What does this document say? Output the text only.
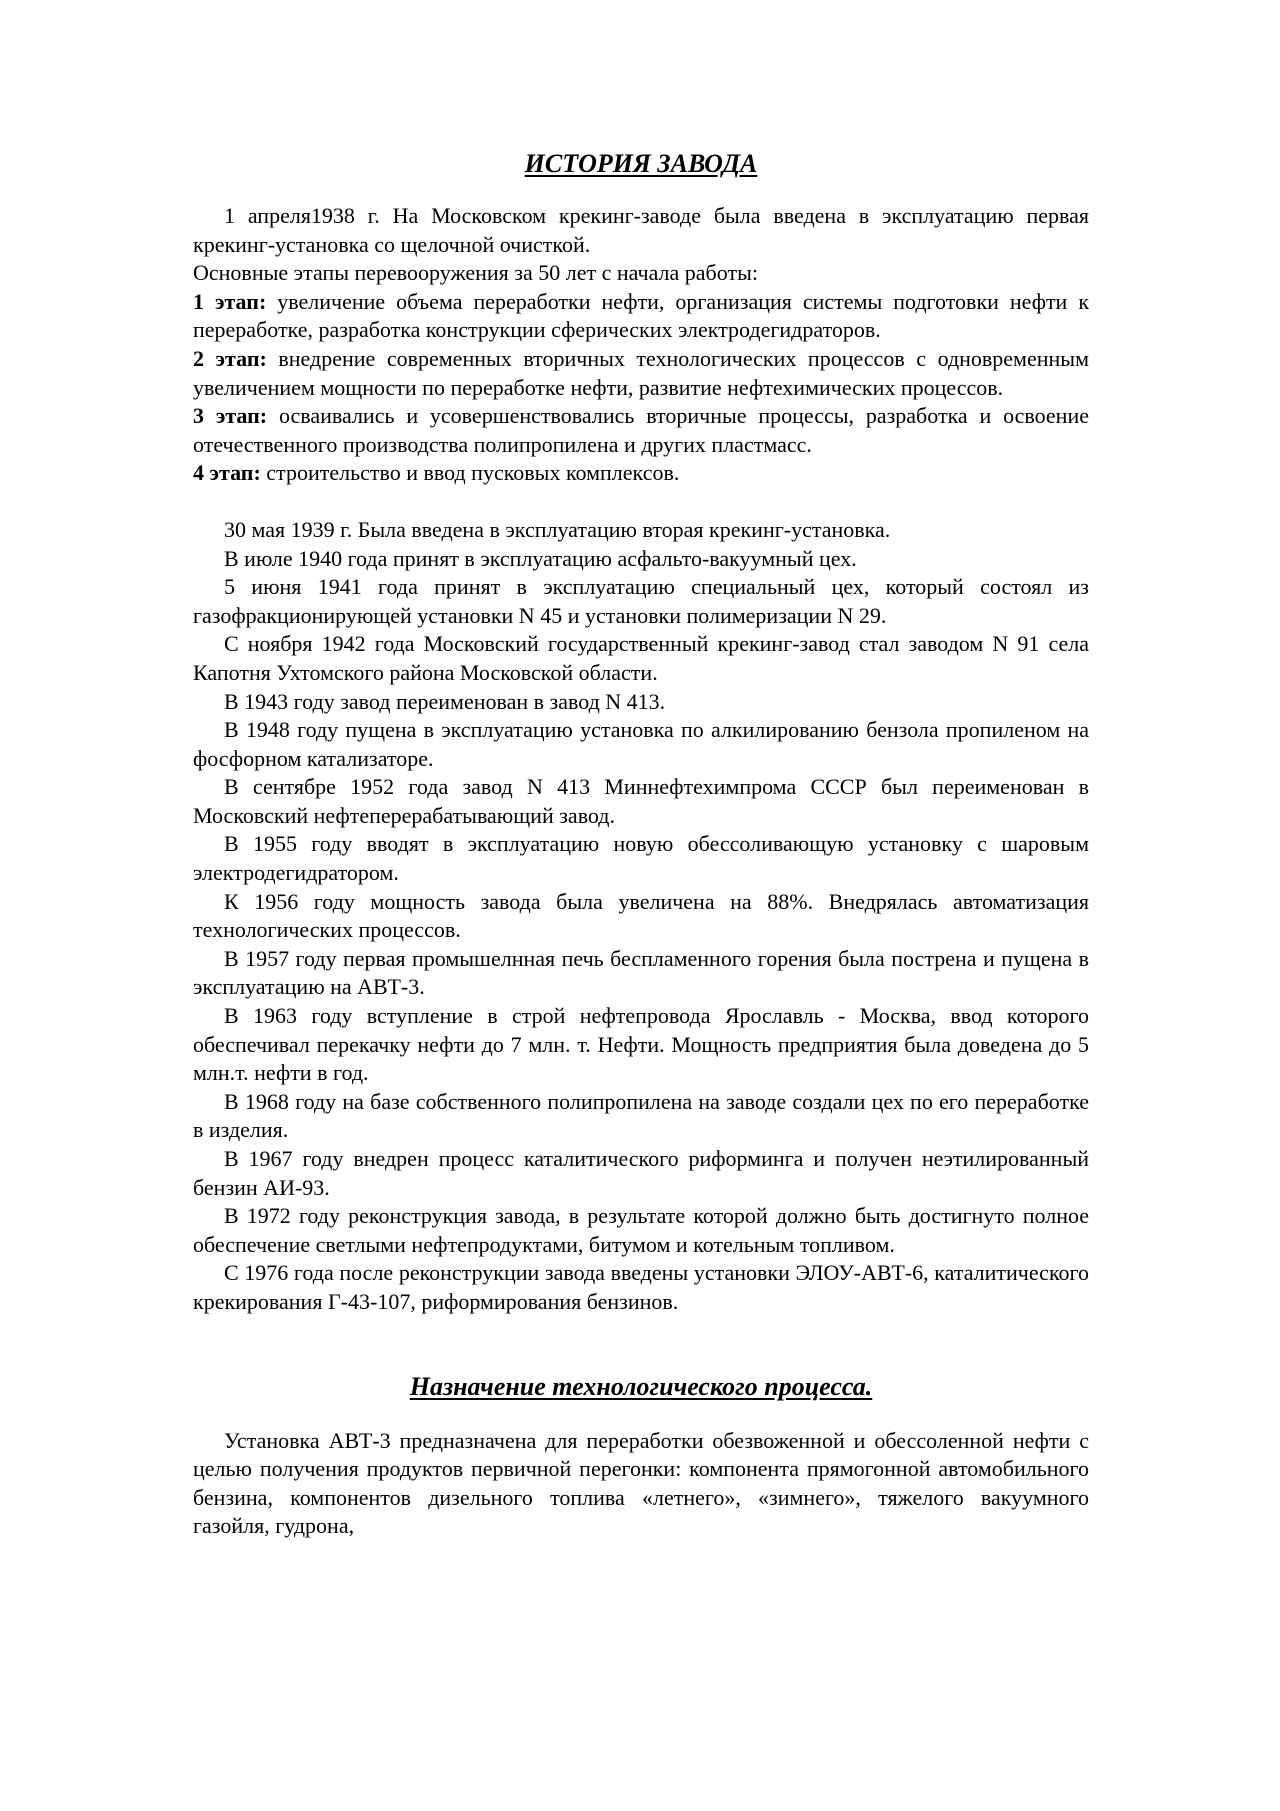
ИСТОРИЯ ЗАВОДА

1 апреля1938 г. На Московском крекинг-заводе была введена в эксплуатацию первая крекинг-установка со щелочной очисткой.

Основные этапы перевооружения за 50 лет с начала работы:

1 этап: увеличение объема переработки нефти, организация системы подготовки нефти к переработке, разработка конструкции сферических электродегидраторов.

2 этап: внедрение современных вторичных технологических процессов с одновременным увеличением мощности по переработке нефти, развитие нефтехимических процессов.

3 этап: осваивались и усовершенствовались вторичные процессы, разработка и освоение отечественного производства полипропилена и других пластмасс.

4 этап: строительство и ввод пусковых комплексов.

30 мая 1939 г. Была введена в эксплуатацию вторая крекинг-установка.

В июле 1940 года принят в эксплуатацию асфальто-вакуумный цех.

5 июня 1941 года принят в эксплуатацию специальный цех, который состоял из газофракционирующей установки N 45 и установки полимеризации N 29.

С ноября 1942 года Московский государственный крекинг-завод стал заводом N 91 села Капотня Ухтомского района Московской области.

В 1943 году завод переименован в завод N 413.

В 1948 году пущена в эксплуатацию установка по алкилированию бензола пропиленом на фосфорном катализаторе.

В сентябре 1952 года завод N 413 Миннефтехимпрома СССР был переименован в Московский нефтеперерабатывающий завод.

В 1955 году вводят в эксплуатацию новую обессоливающую установку с шаровым электродегидратором.

К 1956 году мощность завода была увеличена на 88%. Внедрялась автоматизация технологических процессов.

В 1957 году первая промышелнная печь беспламенного горения была пострена и пущена в эксплуатацию на АВТ-3.

В 1963 году вступление в строй нефтепровода Ярославль - Москва, ввод которого обеспечивал перекачку нефти до 7 млн. т. Нефти. Мощность предприятия была доведена до 5 млн.т. нефти в год.

В 1968 году на базе собственного полипропилена на заводе создали цех по его переработке в изделия.

В 1967 году внедрен процесс каталитического риформинга и получен неэтилированный бензин АИ-93.

В 1972 году реконструкция завода, в результате которой должно быть достигнуто полное обеспечение светлыми нефтепродуктами, битумом и котельным топливом.

С 1976 года после реконструкции завода введены установки ЭЛОУ-АВТ-6, каталитического крекирования Г-43-107, риформирования бензинов.

Назначение технологического процесса.

Установка АВТ-3 предназначена для переработки обезвоженной и обессоленной нефти с целью получения продуктов первичной перегонки: компонента прямогонной автомобильного бензина, компонентов дизельного топлива «летнего», «зимнего», тяжелого вакуумного газойля, гудрона,
